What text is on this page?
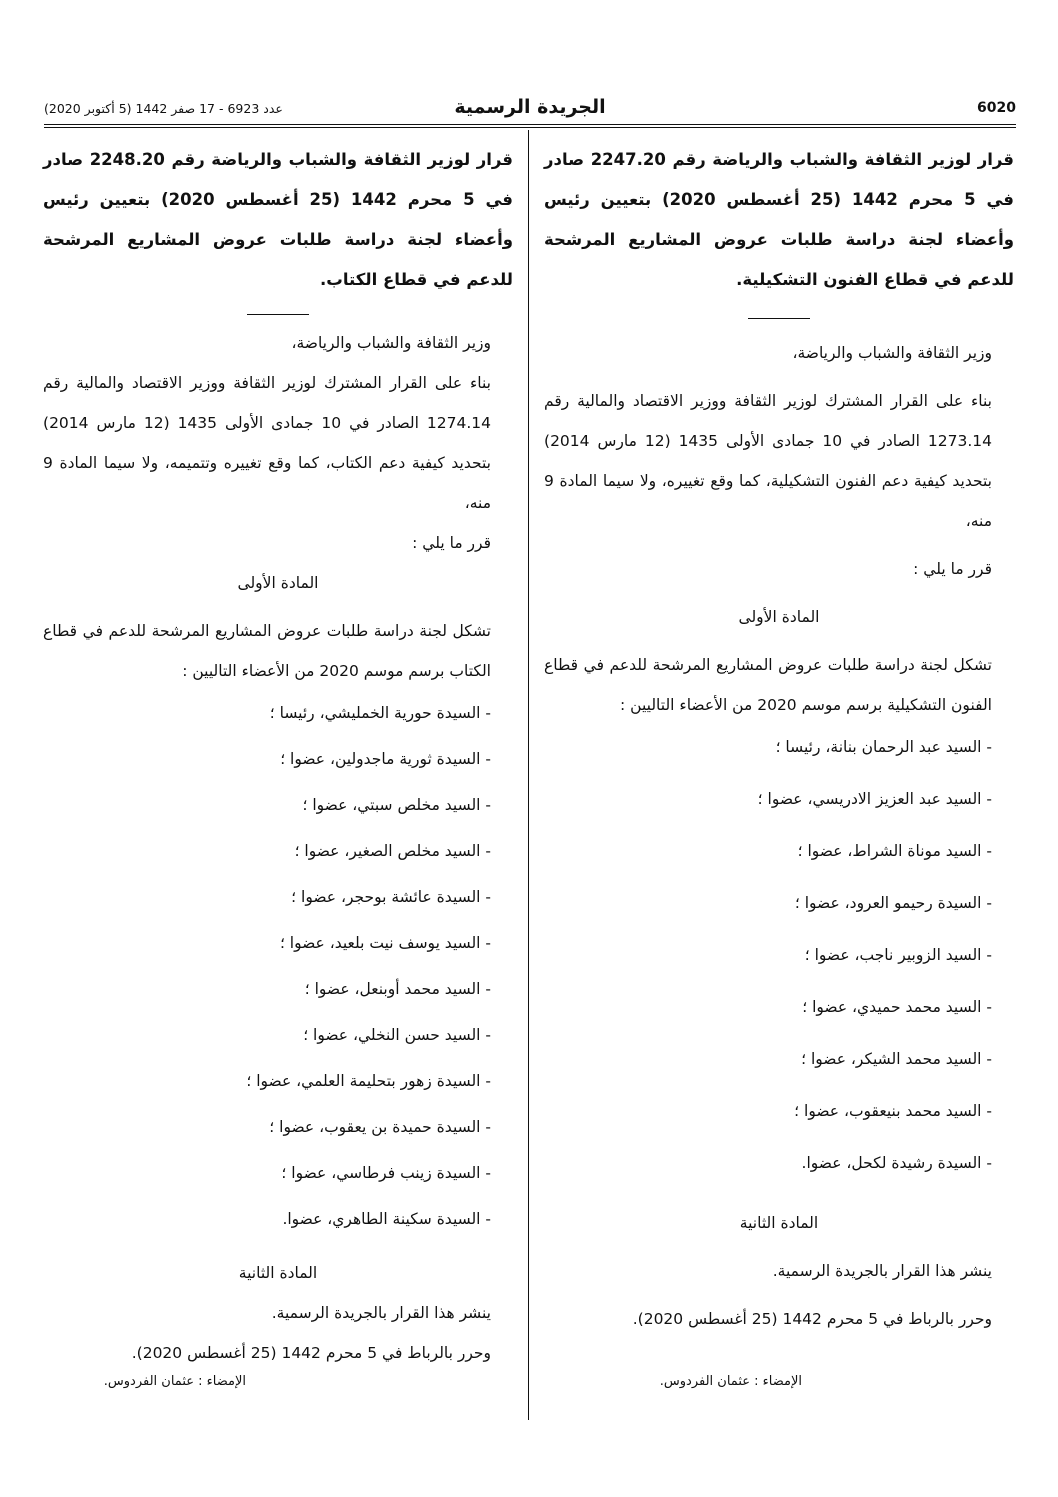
6020
الجريدة الرسمية
عدد 6923 - 17 صفر 1442 (5 أكتوبر 2020)

قرار لوزير الثقافة والشباب والرياضة رقم 2247.20 صادر في 5 محرم 1442 (25 أغسطس 2020) بتعيين رئيس وأعضاء لجنة دراسة طلبات عروض المشاريع المرشحة للدعم في قطاع الفنون التشكيلية.

وزير الثقافة والشباب والرياضة،

بناء على القرار المشترك لوزير الثقافة ووزير الاقتصاد والمالية رقم 1273.14 الصادر في 10 جمادى الأولى 1435 (12 مارس 2014) بتحديد كيفية دعم الفنون التشكيلية، كما وقع تغييره، ولا سيما المادة 9 منه،

قرر ما يلي :

المادة الأولى

تشكل لجنة دراسة طلبات عروض المشاريع المرشحة للدعم في قطاع الفنون التشكيلية برسم موسم 2020 من الأعضاء التاليين :

- السيد عبد الرحمان بنانة، رئيسا ؛

- السيد عبد العزيز الادريسي، عضوا ؛

- السيد موناة الشراط، عضوا ؛

- السيدة رحيمو العرود، عضوا ؛

- السيد الزوبير ناجب، عضوا ؛

- السيد محمد حميدي، عضوا ؛

- السيد محمد الشيكر، عضوا ؛

- السيد محمد بنيعقوب، عضوا ؛

- السيدة رشيدة لكحل، عضوا.

المادة الثانية

ينشر هذا القرار بالجريدة الرسمية.

وحرر بالرباط في 5 محرم 1442 (25 أغسطس 2020).

الإمضاء : عثمان الفردوس.

قرار لوزير الثقافة والشباب والرياضة رقم 2248.20 صادر في 5 محرم 1442 (25 أغسطس 2020) بتعيين رئيس وأعضاء لجنة دراسة طلبات عروض المشاريع المرشحة للدعم في قطاع الكتاب.

وزير الثقافة والشباب والرياضة،

بناء على القرار المشترك لوزير الثقافة ووزير الاقتصاد والمالية رقم 1274.14 الصادر في 10 جمادى الأولى 1435 (12 مارس 2014) بتحديد كيفية دعم الكتاب، كما وقع تغييره وتتميمه، ولا سيما المادة 9 منه،

قرر ما يلي :

المادة الأولى

تشكل لجنة دراسة طلبات عروض المشاريع المرشحة للدعم في قطاع الكتاب برسم موسم 2020 من الأعضاء التاليين :

- السيدة حورية الخمليشي، رئيسا ؛

- السيدة ثورية ماجدولين، عضوا ؛

- السيد مخلص سبتي، عضوا ؛

- السيد مخلص الصغير، عضوا ؛

- السيدة عائشة بوحجر، عضوا ؛

- السيد يوسف نيت بلعيد، عضوا ؛

- السيد محمد أوبنعل، عضوا ؛

- السيد حسن النخلي، عضوا ؛

- السيدة زهور بتحليمة العلمي، عضوا ؛

- السيدة حميدة بن يعقوب، عضوا ؛

- السيدة زينب فرطاسي، عضوا ؛

- السيدة سكينة الطاهري، عضوا.

المادة الثانية

ينشر هذا القرار بالجريدة الرسمية.

وحرر بالرباط في 5 محرم 1442 (25 أغسطس 2020).

الإمضاء : عثمان الفردوس.
